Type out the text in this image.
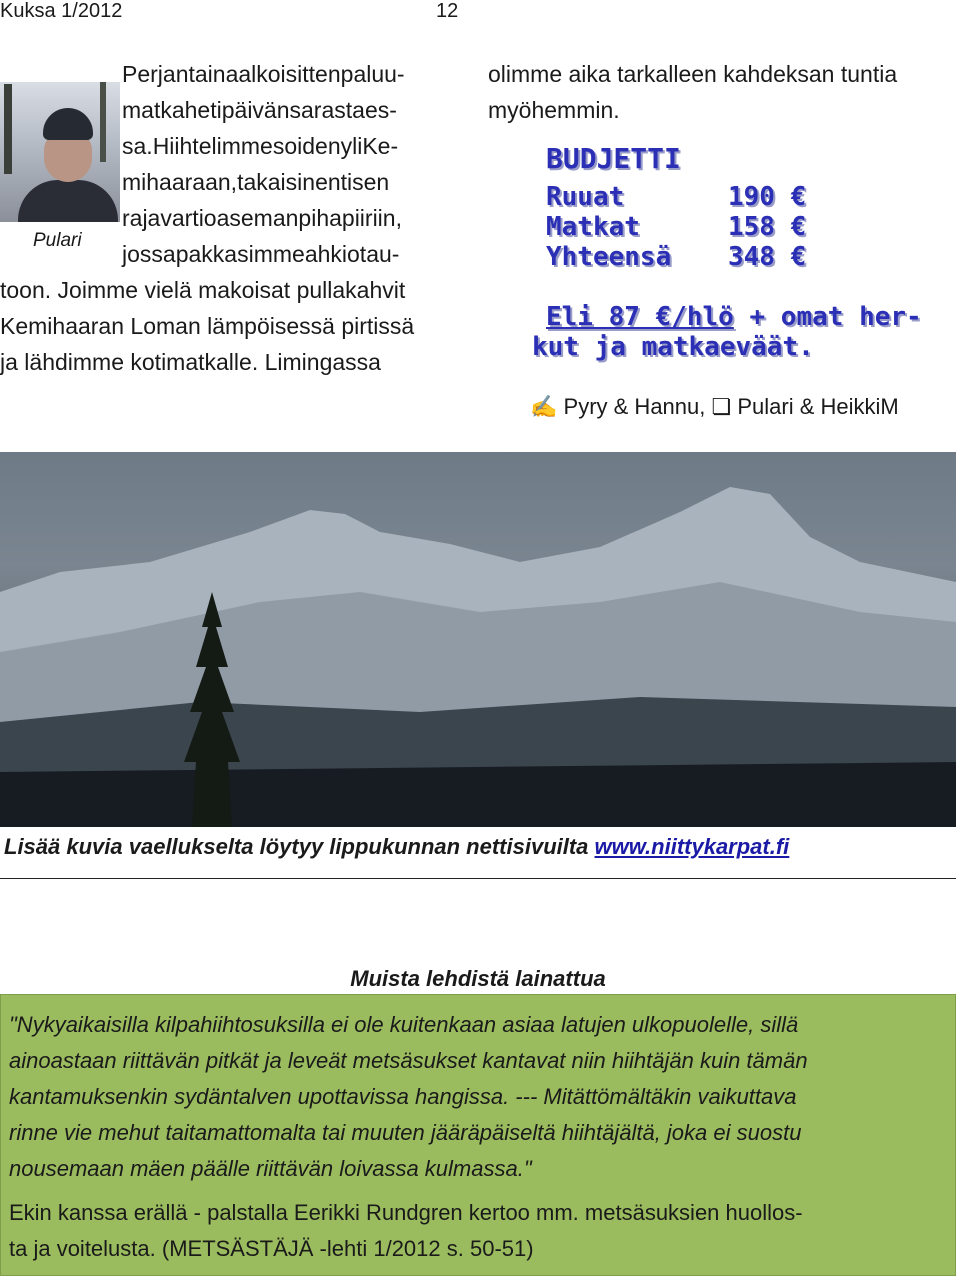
Kuksa 1/2012	12
Pulari
Perjantainaalkoisittenpaluu-
matkahetipäivänsarastaes-
sa.HiihtelimmesoidenyliKe-
mihaaraan,takaisinentisen
rajavartioasemanpihapiiriin,
jossapakkasimmeahkiotau-
toon. Joimme vielä makoisat pullakahvit
Kemihaaran Loman lämpöisessä pirtissä
ja lähdimme kotimatkalle. Limingassa
olimme aika tarkalleen kahdeksan tuntia
myöhemmin.
BUDJETTI
Ruuat	190 €
Matkat	158 €
Yhteensä 348 €
Eli 87 €/hlö + omat her-
kut ja matkaeväät.
✍ Pyry & Hannu, ❏ Pulari & HeikkiM
Lisää kuvia vaellukselta löytyy lippukunnan nettisivuilta www.niittykarpat.fi
Muista lehdistä lainattua
"Nykyaikaisilla kilpahiihtosuksilla ei ole kuitenkaan asiaa latujen ulkopuolelle, sillä
ainoastaan riittävän pitkät ja leveät metsäsukset kantavat niin hiihtäjän kuin tämän
kantamuksenkin sydäntalven upottavissa hangissa. --- Mitättömältäkin vaikuttava
rinne vie mehut taitamattomalta tai muuten jääräpäiseltä hiihtäjältä, joka ei suostu
nousemaan mäen päälle riittävän loivassa kulmassa."
Ekin kanssa erällä - palstalla Eerikki Rundgren kertoo mm. metsäsuksien huollos-
ta ja voitelusta. (METSÄSTÄJÄ -lehti 1/2012 s. 50-51)
